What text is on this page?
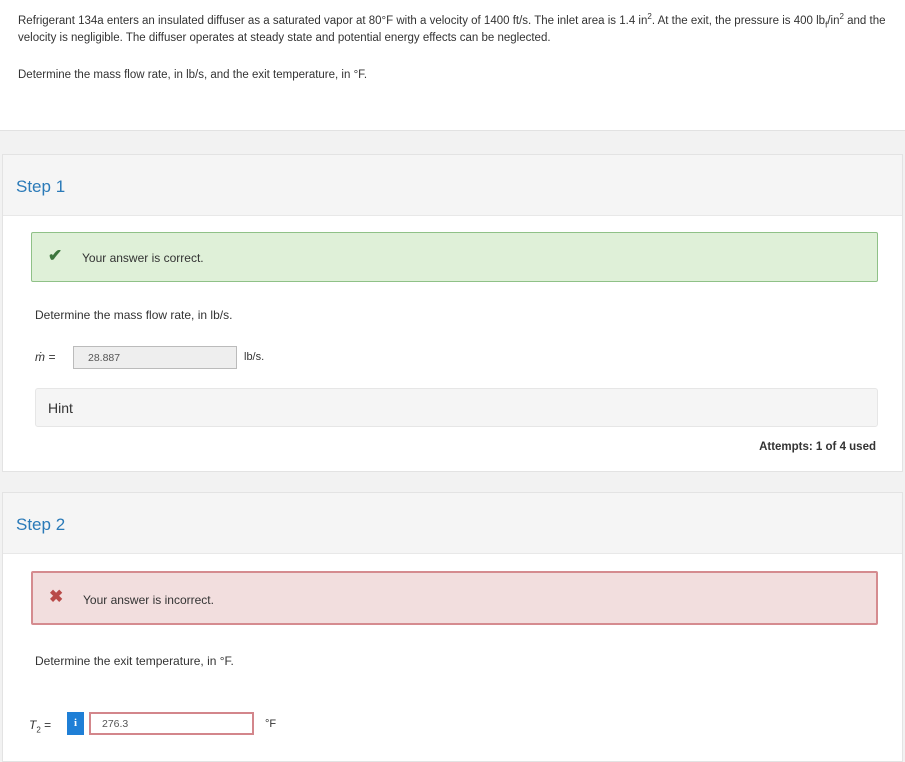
Refrigerant 134a enters an insulated diffuser as a saturated vapor at 80°F with a velocity of 1400 ft/s. The inlet area is 1.4 $in^2$. At the exit, the pressure is 400 $lb_f/in^2$ and the velocity is negligible. The diffuser operates at steady state and potential energy effects can be neglected.

Determine the mass flow rate, in lb/s, and the exit temperature, in °F.

Step 1
✔ Your answer is correct.
Determine the mass flow rate, in lb/s.
ṁ =	28.887	lb/s.
Hint
Attempts: 1 of 4 used
Step 2
✖ Your answer is incorrect.
Determine the exit temperature, in °F.
$T_2$ =	i	276.3	°F
